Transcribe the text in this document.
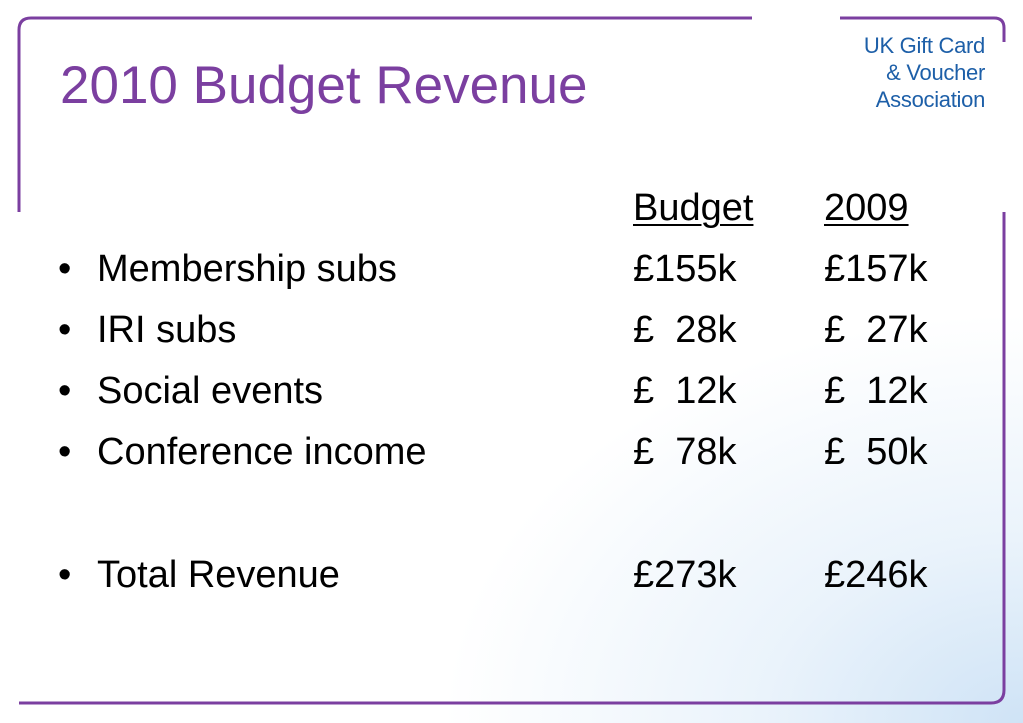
2010 Budget Revenue
UK Gift Card
& Voucher
Association
Budget 2009
• Membership subs	£155k £157k
• IRI subs	£  28k £  27k
• Social events	£  12k £  12k
• Conference income	£  78k £  50k
• Total Revenue	£273k £246k
